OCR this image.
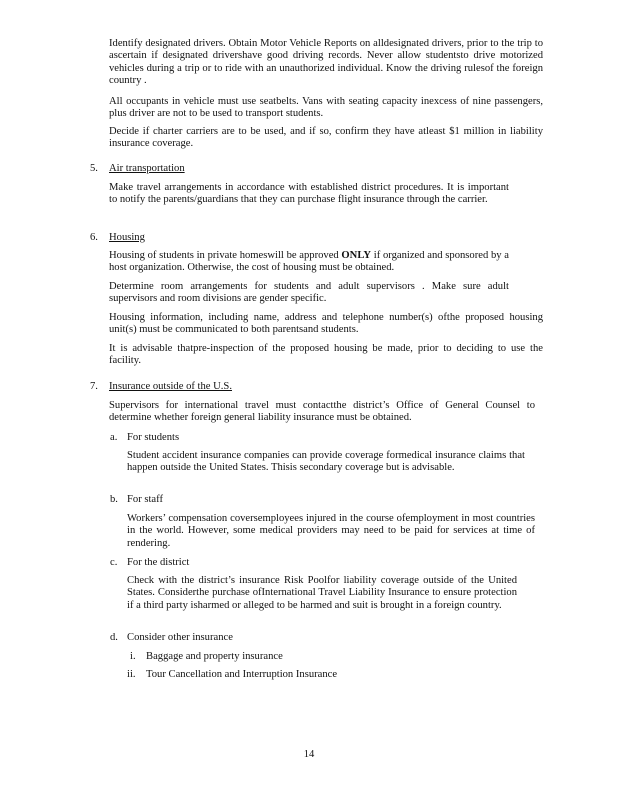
Identify designated drivers. Obtain Motor Vehicle Reports on alldesignated drivers, prior to the trip to ascertain if designated drivershave good driving records. Never allow studentsto drive motorized vehicles during a trip or to ride with an unauthorized individual. Know the driving rulesof the foreign country .

All occupants in vehicle must use seatbelts. Vans with seating capacity inexcess of nine passengers, plus driver are not to be used to transport students.

Decide if charter carriers are to be used, and if so, confirm they have atleast $1 million in liability insurance coverage.

5. Air transportation

Make travel arrangements in accordance with established district procedures. It is important to notify the parents/guardians that they can purchase flight insurance through the carrier.

6. Housing

Housing of students in private homeswill be approved ONLY if organized and sponsored by a host organization. Otherwise, the cost of housing must be obtained.

Determine room arrangements for students and adult supervisors . Make sure adult supervisors and room divisions are gender specific.

Housing information, including name, address and telephone number(s) ofthe proposed housing unit(s) must be communicated to both parentsand students.

It is advisable thatpre-inspection of the proposed housing be made, prior to deciding to use the facility.

7. Insurance outside of the U.S.

Supervisors for international travel must contactthe district’s Office of General Counsel to determine whether foreign general liability insurance must be obtained.

a. For students

Student accident insurance companies can provide coverage formedical insurance claims that happen outside the United States. Thisis secondary coverage but is advisable.

b. For staff

Workers’ compensation coversemployees injured in the course ofemployment in most countries in the world. However, some medical providers may need to be paid for services at time of rendering.

c. For the district

Check with the district’s insurance Risk Poolfor liability coverage outside of the United States. Considerthe purchase ofInternational Travel Liability Insurance to ensure protection if a third party isharmed or alleged to be harmed and suit is brought in a foreign country.

d. Consider other insurance
i. Baggage and property insurance
ii. Tour Cancellation and Interruption Insurance
14
